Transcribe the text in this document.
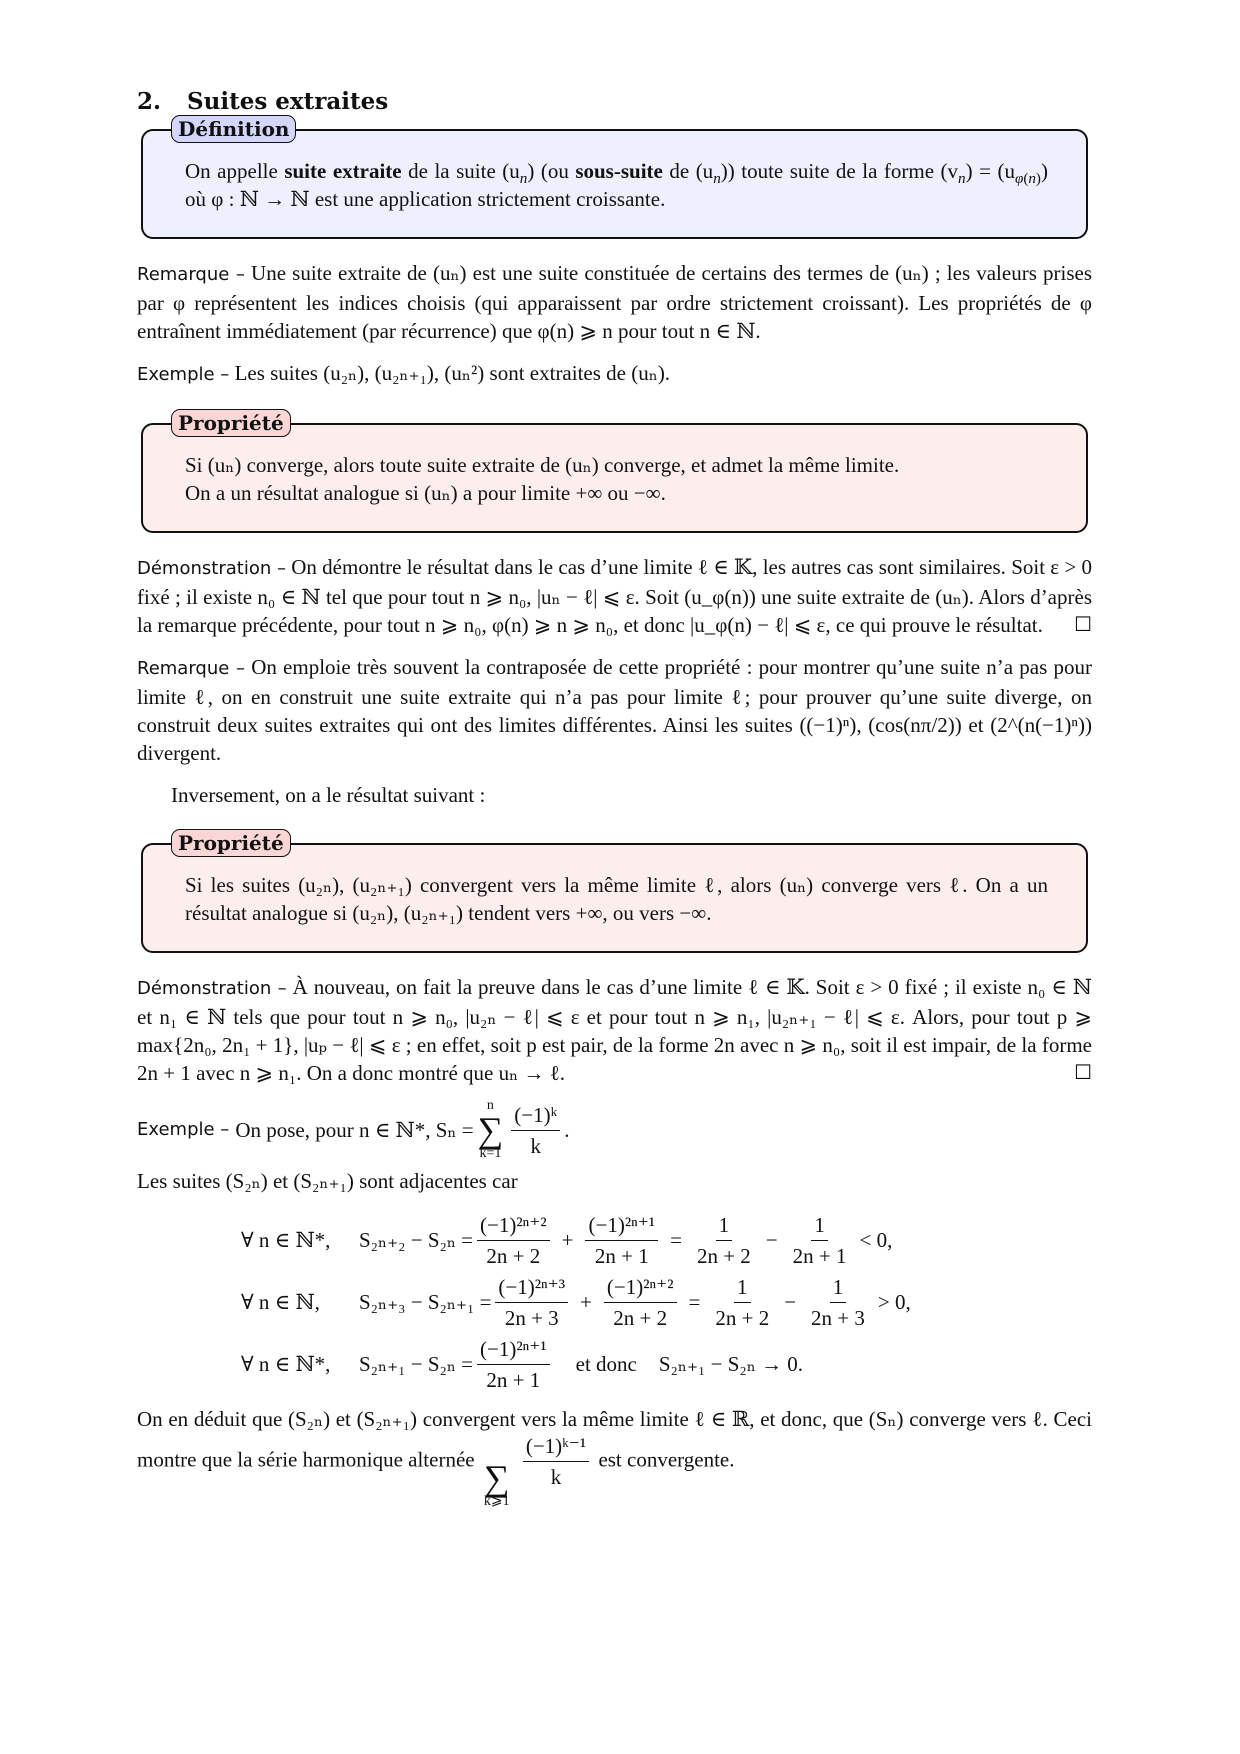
2. Suites extraites
Définition

On appelle suite extraite de la suite $(u_n)$ (ou sous-suite de $(u_n)$) toute suite de la forme $(v_n) = (u_{\varphi(n)})$ où φ : ℕ → ℕ est une application strictement croissante.

Remarque – Une suite extraite de (uₙ) est une suite constituée de certains des termes de (uₙ) ; les valeurs prises par φ représentent les indices choisis (qui apparaissent par ordre strictement croissant). Les propriétés de φ entraînent immédiatement (par récurrence) que φ(n) ⩾ n pour tout n ∈ ℕ.

Exemple – Les suites (u₂ₙ), (u₂ₙ₊₁), (uₙ²) sont extraites de (uₙ).

Propriété

Si (uₙ) converge, alors toute suite extraite de (uₙ) converge, et admet la même limite.

On a un résultat analogue si (uₙ) a pour limite +∞ ou −∞.

Démonstration – On démontre le résultat dans le cas d’une limite ℓ ∈ 𝕂, les autres cas sont similaires. Soit ε > 0 fixé ; il existe n₀ ∈ ℕ tel que pour tout n ⩾ n₀, |uₙ − ℓ| ⩽ ε. Soit (u_φ(n)) une suite extraite de (uₙ). Alors d’après la remarque précédente, pour tout n ⩾ n₀, φ(n) ⩾ n ⩾ n₀, et donc |u_φ(n) − ℓ| ⩽ ε, ce qui prouve le résultat. ☐

Remarque – On emploie très souvent la contraposée de cette propriété : pour montrer qu’une suite n’a pas pour limite ℓ, on en construit une suite extraite qui n’a pas pour limite ℓ; pour prouver qu’une suite diverge, on construit deux suites extraites qui ont des limites différentes. Ainsi les suites ((−1)ⁿ), (cos(nπ/2)) et (2^(n(−1)ⁿ)) divergent.

Inversement, on a le résultat suivant :

Propriété

Si les suites (u₂ₙ), (u₂ₙ₊₁) convergent vers la même limite ℓ, alors (uₙ) converge vers ℓ. On a un résultat analogue si (u₂ₙ), (u₂ₙ₊₁) tendent vers +∞, ou vers −∞.

Démonstration – À nouveau, on fait la preuve dans le cas d’une limite ℓ ∈ 𝕂. Soit ε > 0 fixé ; il existe n₀ ∈ ℕ et n₁ ∈ ℕ tels que pour tout n ⩾ n₀, |u₂ₙ − ℓ| ⩽ ε et pour tout n ⩾ n₁, |u₂ₙ₊₁ − ℓ| ⩽ ε. Alors, pour tout p ⩾ max{2n₀, 2n₁ + 1}, |uₚ − ℓ| ⩽ ε ; en effet, soit p est pair, de la forme 2n avec n ⩾ n₀, soit il est impair, de la forme 2n + 1 avec n ⩾ n₁. On a donc montré que uₙ → ℓ.	☐

Exemple – On pose, pour n ∈ ℕ*, Sₙ =
n
∑
$k=1 \frac{\text{(−1)ᵏ}}{k}$ .

Les suites (S₂ₙ) et (S₂ₙ₊₁) sont adjacentes car

∀ n ∈ ℕ*,	$S_{2n+2} - S_{2n} = \frac{\text{(−1)²ⁿ⁺²}}{2n + 2} + \frac{\text{(−1)²ⁿ⁺¹}}{2n + 1} = \frac{1}{2n + 2} - \frac{1}{2n + 1} < 0$,
∀ n ∈ ℕ,	$S_{2n+3} - S_{2n+1} = \frac{\text{(−1)²ⁿ⁺³}}{2n + 3} + \frac{\text{(−1)²ⁿ⁺²}}{2n + 2} = \frac{1}{2n + 2} - \frac{1}{2n + 3} > 0$,
∀ n ∈ ℕ*,	$S_{2n+1} - S_{2n} = \frac{\text{(−1)²ⁿ⁺¹}}{2n + 1}$ et donc S₂ₙ₊₁ − S₂ₙ → 0.
On en déduit que (S₂ₙ) et (S₂ₙ₊₁) convergent vers la même limite ℓ ∈ ℝ, et donc, que (Sₙ) converge vers ℓ. Ceci montre que la série harmonique alternée ∑
k⩾1

$\frac{\text{(−1)ᵏ⁻¹}}{k}$ est convergente.
